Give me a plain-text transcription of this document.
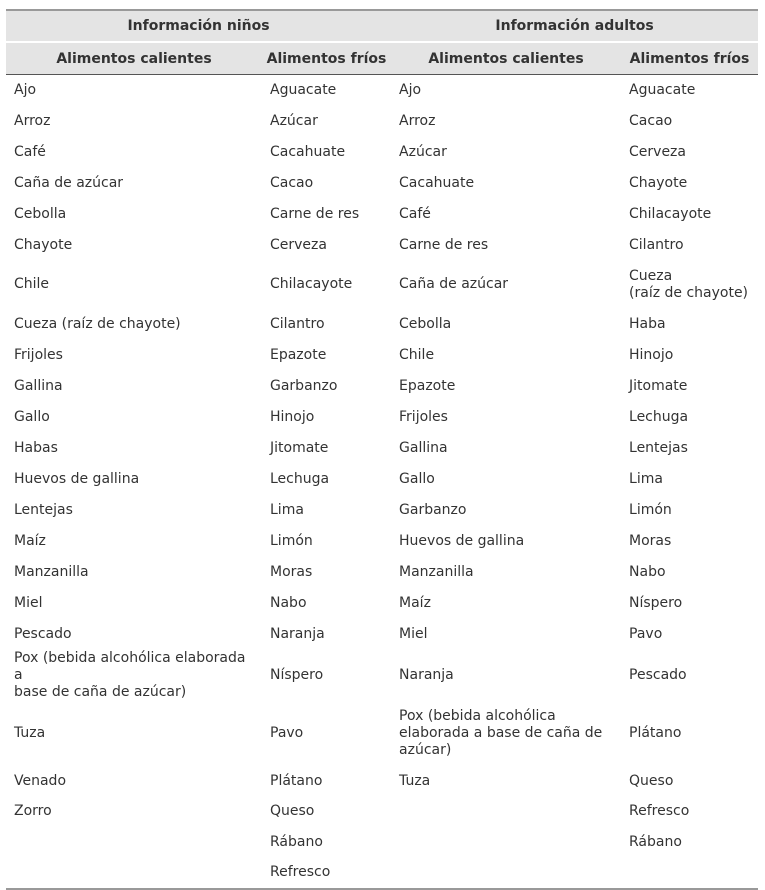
Información niños		Información adultos	
Alimentos calientes	Alimentos fríos	Alimentos calientes	Alimentos fríos
Ajo	Aguacate	Ajo	Aguacate
Arroz	Azúcar	Arroz	Cacao
Café	Cacahuate	Azúcar	Cerveza
Caña de azúcar	Cacao	Cacahuate	Chayote
Cebolla	Carne de res	Café	Chilacayote
Chayote	Cerveza	Carne de res	Cilantro
Chile	Chilacayote	Caña de azúcar	Cueza
(raíz de chayote)
Cueza (raíz de chayote)	Cilantro	Cebolla	Haba
Frijoles	Epazote	Chile	Hinojo
Gallina	Garbanzo	Epazote	Jitomate
Gallo	Hinojo	Frijoles	Lechuga
Habas	Jitomate	Gallina	Lentejas
Huevos de gallina	Lechuga	Gallo	Lima
Lentejas	Lima	Garbanzo	Limón
Maíz	Limón	Huevos de gallina	Moras
Manzanilla	Moras	Manzanilla	Nabo
Miel	Nabo	Maíz	Níspero
Pescado	Naranja	Miel	Pavo
Pox (bebida alcohólica elaborada a
base de caña de azúcar)	Níspero	Naranja	Pescado
Tuza	Pavo	Pox (bebida alcohólica
elaborada a base de caña de
azúcar)	Plátano
Venado	Plátano	Tuza	Queso
Zorro	Queso		Refresco
	Rábano		Rábano
	Refresco		
